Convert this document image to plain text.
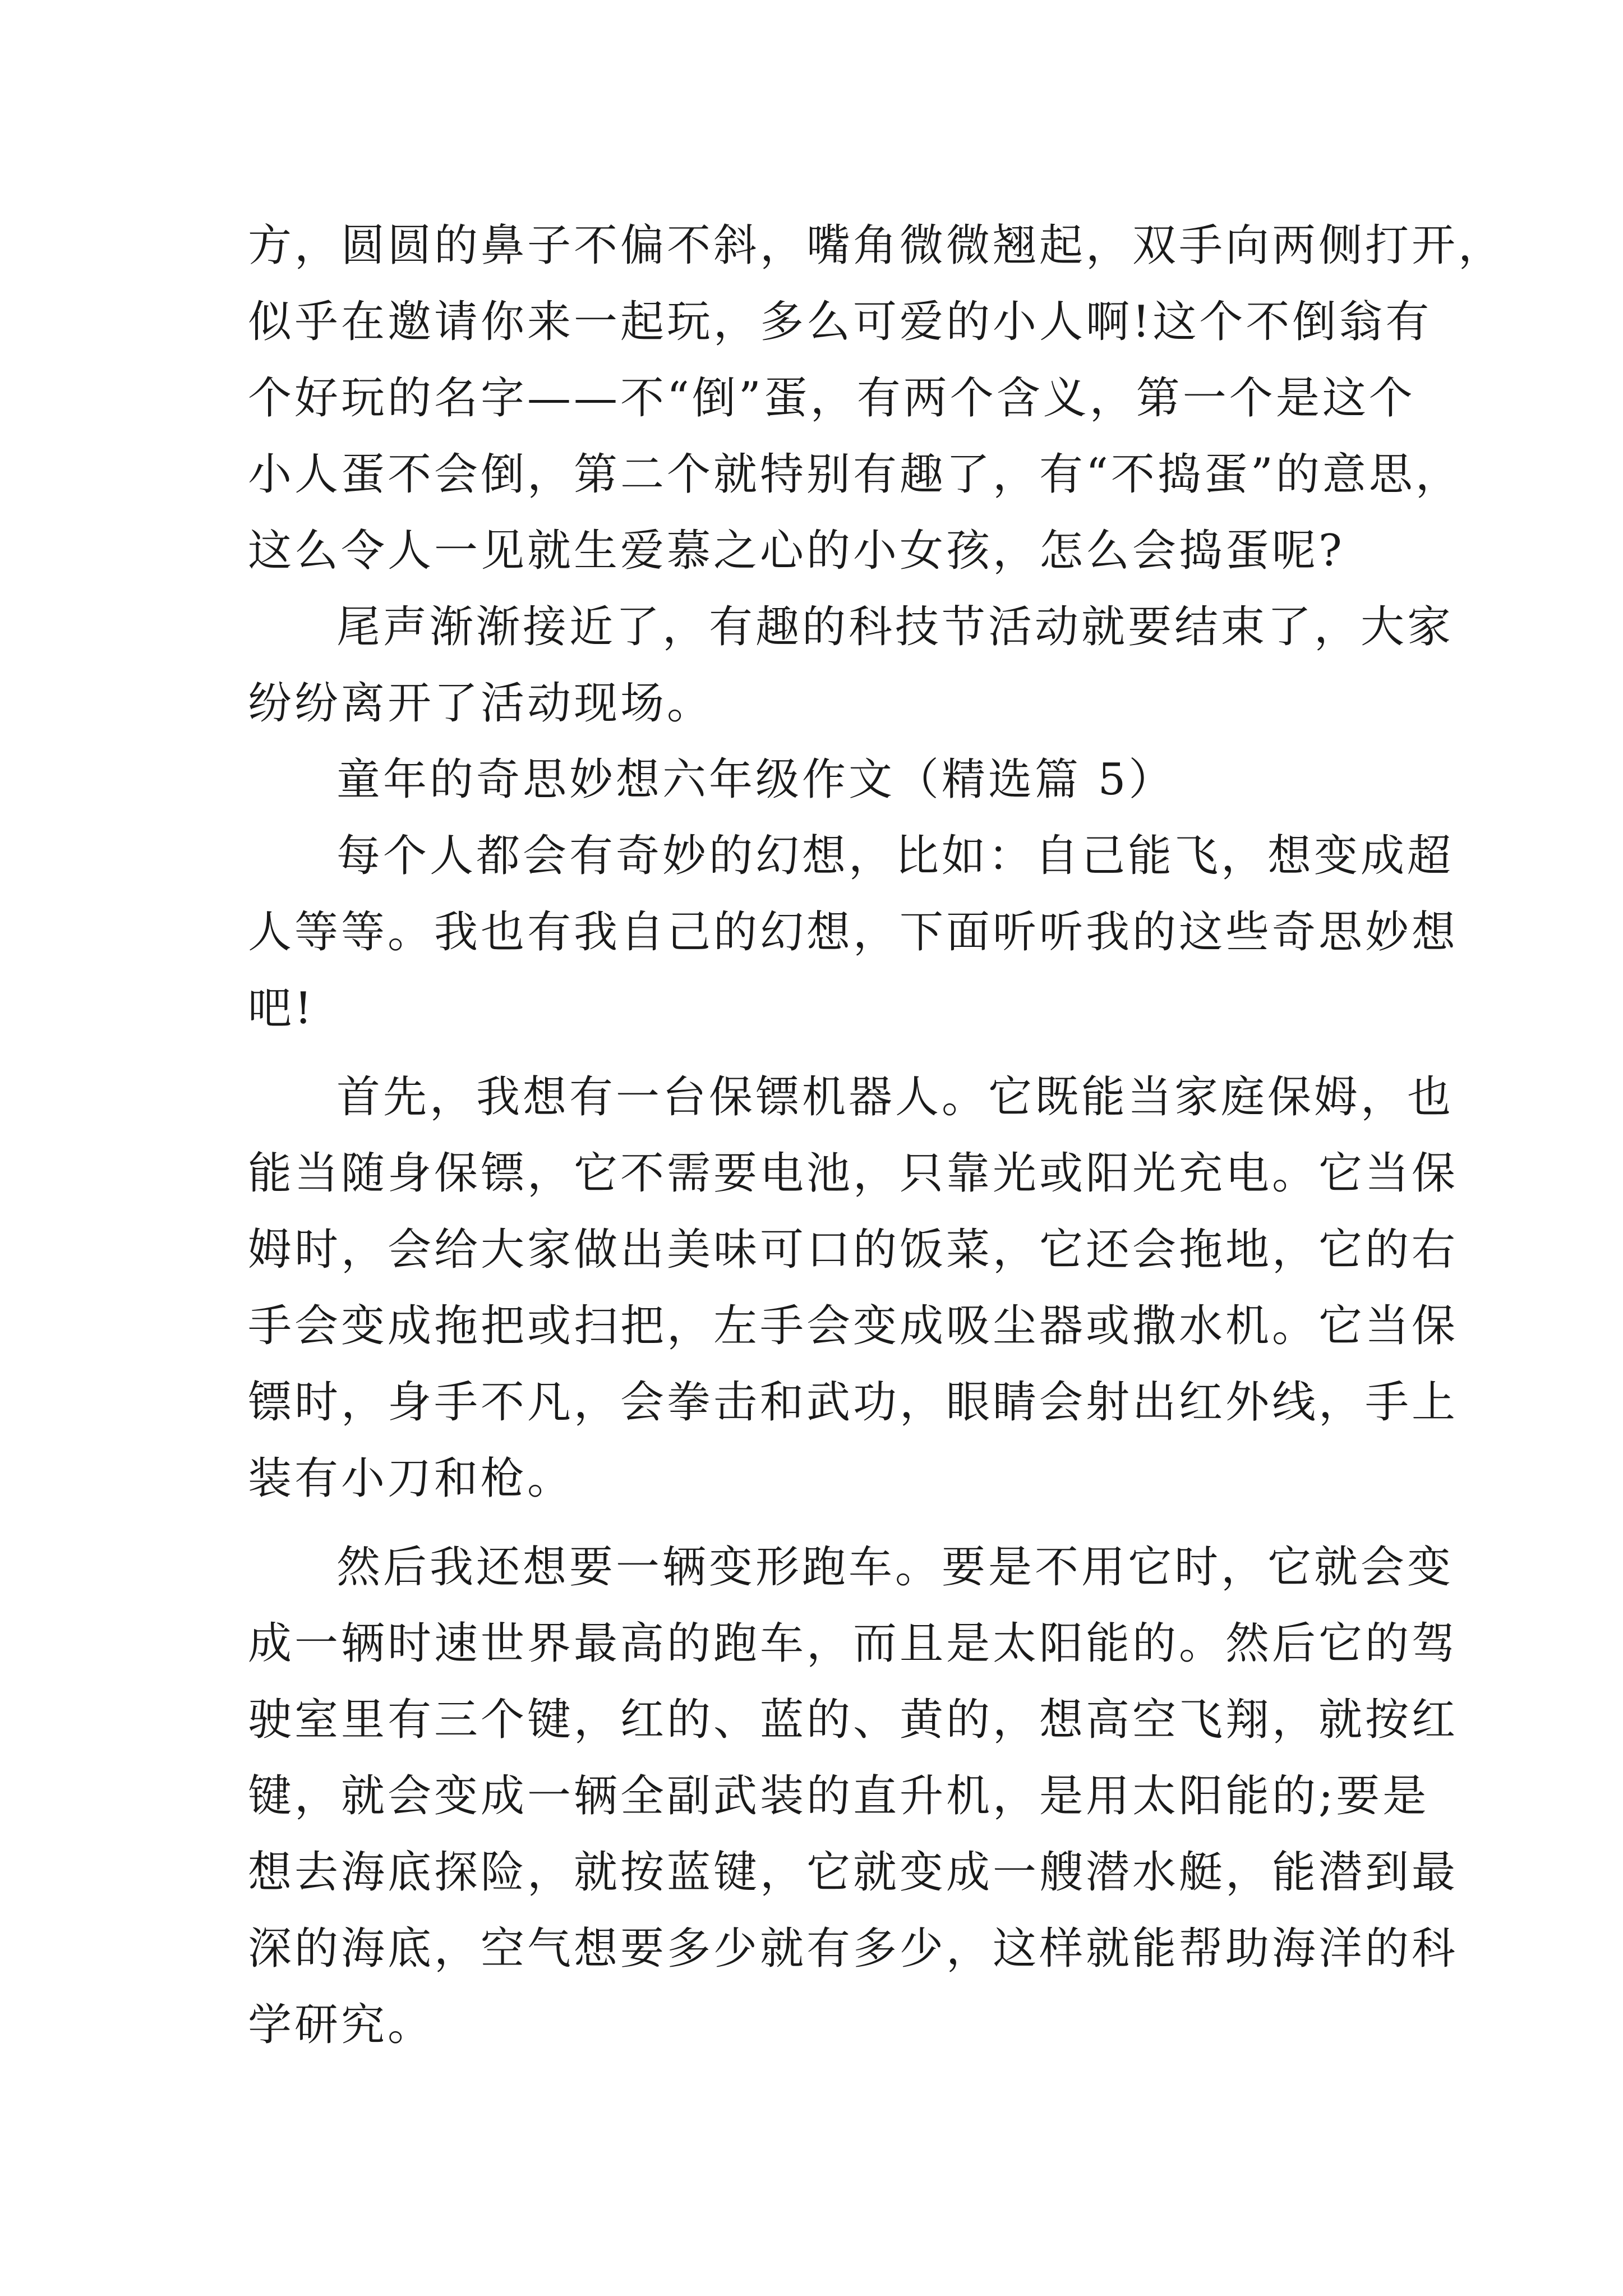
方，圆圆的鼻子不偏不斜，嘴角微微翘起，双手向两侧打开，
似乎在邀请你来一起玩，多么可爱的小人啊!这个不倒翁有
个好玩的名字——不“倒”蛋，有两个含义，第一个是这个
小人蛋不会倒，第二个就特别有趣了，有“不捣蛋”的意思，
这么令人一见就生爱慕之心的小女孩，怎么会捣蛋呢?
尾声渐渐接近了，有趣的科技节活动就要结束了，大家
纷纷离开了活动现场。
童年的奇思妙想六年级作文（精选篇 5）
每个人都会有奇妙的幻想，比如：自己能飞，想变成超
人等等。我也有我自己的幻想，下面听听我的这些奇思妙想
吧!
首先，我想有一台保镖机器人。它既能当家庭保姆，也
能当随身保镖，它不需要电池，只靠光或阳光充电。它当保
姆时，会给大家做出美味可口的饭菜，它还会拖地，它的右
手会变成拖把或扫把，左手会变成吸尘器或撒水机。它当保
镖时，身手不凡，会拳击和武功，眼睛会射出红外线，手上
装有小刀和枪。
然后我还想要一辆变形跑车。要是不用它时，它就会变
成一辆时速世界最高的跑车，而且是太阳能的。然后它的驾
驶室里有三个键，红的、蓝的、黄的，想高空飞翔，就按红
键，就会变成一辆全副武装的直升机，是用太阳能的;要是
想去海底探险，就按蓝键，它就变成一艘潜水艇，能潜到最
深的海底，空气想要多少就有多少，这样就能帮助海洋的科
学研究。
